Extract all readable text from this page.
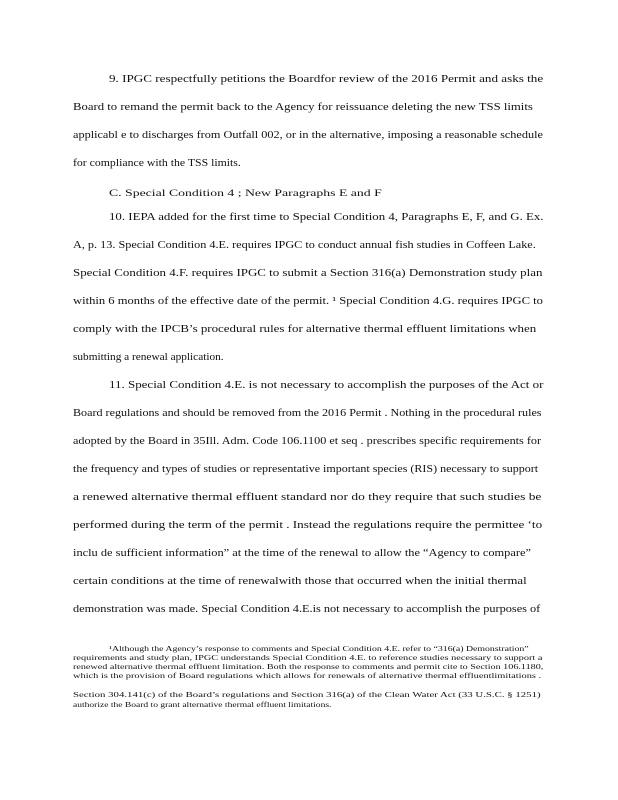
9. IPGC respectfully petitions the Boardfor review of the 2016 Permit and asks the
Board to remand the permit back to the Agency for reissuance deleting the new TSS limits
applicabl e to discharges from Outfall 002, or in the alternative, imposing a reasonable schedule
for compliance with the TSS limits.
C. Special Condition 4 ; New Paragraphs E and F
10. IEPA added for the first time to Special Condition 4, Paragraphs E, F, and G. Ex.
A, p. 13. Special Condition 4.E. requires IPGC to conduct annual fish studies in Coffeen Lake.
Special Condition 4.F. requires IPGC to submit a Section 316(a) Demonstration study plan
within 6 months of the effective date of the permit. ¹ Special Condition 4.G. requires IPGC to
comply with the IPCB’s procedural rules for alternative thermal effluent limitations when
submitting a renewal application.
11. Special Condition 4.E. is not necessary to accomplish the purposes of the Act or
Board regulations and should be removed from the 2016 Permit . Nothing in the procedural rules
adopted by the Board in 35Ill. Adm. Code 106.1100 et seq . prescribes specific requirements for
the frequency and types of studies or representative important species (RIS) necessary to support
a renewed alternative thermal effluent standard nor do they require that such studies be
performed during the term of the permit . Instead the regulations require the permittee ‘to
inclu de sufficient information” at the time of the renewal to allow the “Agency to compare”
certain conditions at the time of renewalwith those that occurred when the initial thermal
demonstration was made. Special Condition 4.E.is not necessary to accomplish the purposes of
¹Although the Agency’s response to comments and Special Condition 4.E. refer to “316(a) Demonstration”
requirements and study plan, IPGC understands Special Condition 4.E. to reference studies necessary to support a
renewed alternative thermal effluent limitation. Both the response to comments and permit cite to Section 106.1180,
which is the provision of Board regulations which allows for renewals of alternative thermal effluentlimitations .
Section 304.141(c) of the Board’s regulations and Section 316(a) of the Clean Water Act (33 U.S.C. § 1251)
authorize the Board to grant alternative thermal effluent limitations.
